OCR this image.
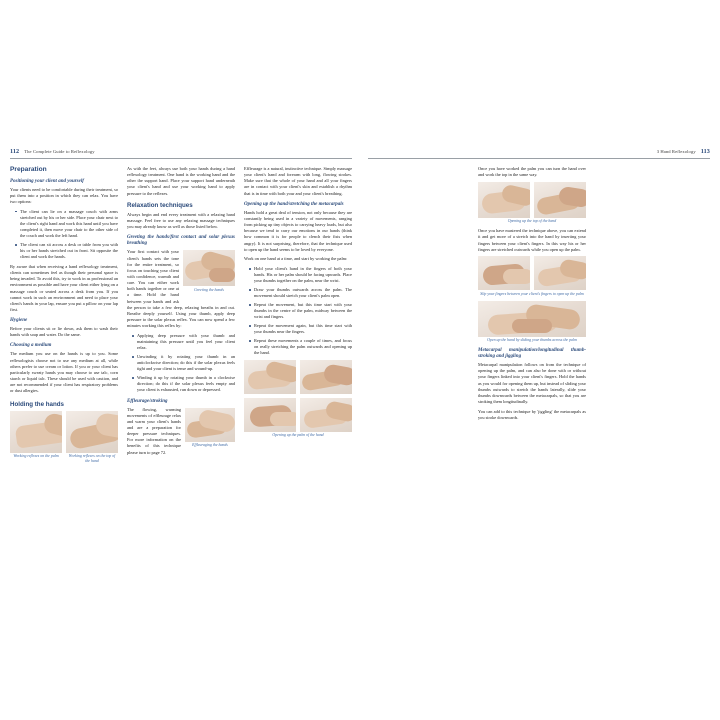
112 The Complete Guide to Reflexology
Preparation
Positioning your client and yourself

Your clients need to be comfortable during their treatment, so put them into a position in which they can relax. You have two options:

The client can lie on a massage couch with arms stretched out by his or her side. Place your chair next to the client's right hand and work this hand until you have completed it, then move your chair to the other side of the couch and work the left hand.
The client can sit across a desk or table from you with his or her hands stretched out in front. Sit opposite the client and work the hands.

By aware that when receiving a hand reflexology treatment, clients can sometimes feel as though their personal space is being invaded. To avoid this, try to work in as professional an environment as possible and have your client either lying on a massage couch or seated across a desk from you. If you cannot work in such an environment and need to place your client's hands in your lap, ensure you put a pillow on your lap first.

Hygiene

Before your clients sit or lie down, ask them to wash their hands with soap and water. Do the same.

Choosing a medium

The medium you use on the hands is up to you. Some reflexologists choose not to use any medium at all, while others prefer to use cream or lotion. If you or your client has particularly sweaty hands you may choose to use talc, corn starch or liquid talc. These should be used with caution, and are not recommended if your client has respiratory problems or dust allergies.

Holding the hands
Working reflexes on the palm	Working reflexes on the top of the hand

As with the feet, always use both your hands during a hand reflexology treatment. One hand is the working hand and the other the support hand. Place your support hand underneath your client's hand and use your working hand to apply pressure to the reflexes.

Relaxation techniques

Always begin and end every treatment with a relaxing hand massage. Feel free to use any relaxing massage techniques you may already know as well as those listed below.

Greeting the hands/first contact and solar plexus breathing
Greeting the hands

Your first contact with your client's hands sets the tone for the entire treatment, so focus on touching your client with confidence, warmth and care. You can either work both hands together or one at a time. Hold the hand between your hands and ask the person to take a few deep, relaxing breaths in and out. Breathe deeply yourself. Using your thumb, apply deep pressure to the solar plexus reflex. You can now spend a few minutes working this reflex by:

Applying deep pressure with your thumb and maintaining this pressure until you feel your client relax.
Unwinding it by rotating your thumb in an anticlockwise direction; do this if the solar plexus feels tight and your client is tense and wound-up.
Winding it up by rotating your thumb in a clockwise direction; do this if the solar plexus feels empty and your client is exhausted, run down or depressed.
Effleurage/stroking
Effleuraging the hands

The flowing, warming movements of effleurage relax and warm your client's hands and are a preparation for deeper pressure techniques. For more information on the benefits of this technique please turn to page 72.

Effleurage is a natural, instinctive technique. Simply massage your client's hand and forearm with long, flowing strokes. Make sure that the whole of your hand and all your fingers are in contact with your client's skin and establish a rhythm that is in time with both your and your client's breathing.

Opening up the hand/stretching the metacarpals

Hands hold a great deal of tension, not only because they are constantly being used in a variety of movements, ranging from picking up tiny objects to carrying heavy loads, but also because we tend to carry our emotions in our hands (think how common it is for people to clench their fists when angry). It is not surprising, therefore, that the technique used to open up the hand seems to be loved by everyone.

Work on one hand at a time, and start by working the palm:

Hold your client's hand in the fingers of both your hands. His or her palm should be facing upwards. Place your thumbs together on the palm, near the wrist.
Draw your thumbs outwards across the palm. The movement should stretch your client's palm open.
Repeat the movement, but this time start with your thumbs in the centre of the palm, midway between the wrist and fingers.
Repeat the movement again, but this time start with your thumbs near the fingers.
Repeat these movements a couple of times, and focus on really stretching the palm outwards and opening up the hand.
Opening up the palm of the hand
113
3 Hand Reflexology

Once you have worked the palm you can turn the hand over and work the top in the same way.

Opening up the top of the hand

Once you have mastered the technique above, you can extend it and get more of a stretch into the hand by inserting your fingers between your client's fingers. In this way his or her fingers are stretched outwards while you open up the palm.

Slip your fingers between your client's fingers to open up the palm
Open up the hand by sliding your thumbs across the palm
Metacarpal manipulation/longitudinal thumb-stroking and jiggling

Metacarpal manipulation follows on from the technique of opening up the palm, and can also be done with or without your fingers linked into your client's fingers. Hold the hands as you would for opening them up, but instead of sliding your thumbs outwards to stretch the hands laterally, slide your thumbs downwards between the metacarpals, so that you are stroking them longitudinally.

You can add to this technique by 'jiggling' the metacarpals as you stroke downwards.
